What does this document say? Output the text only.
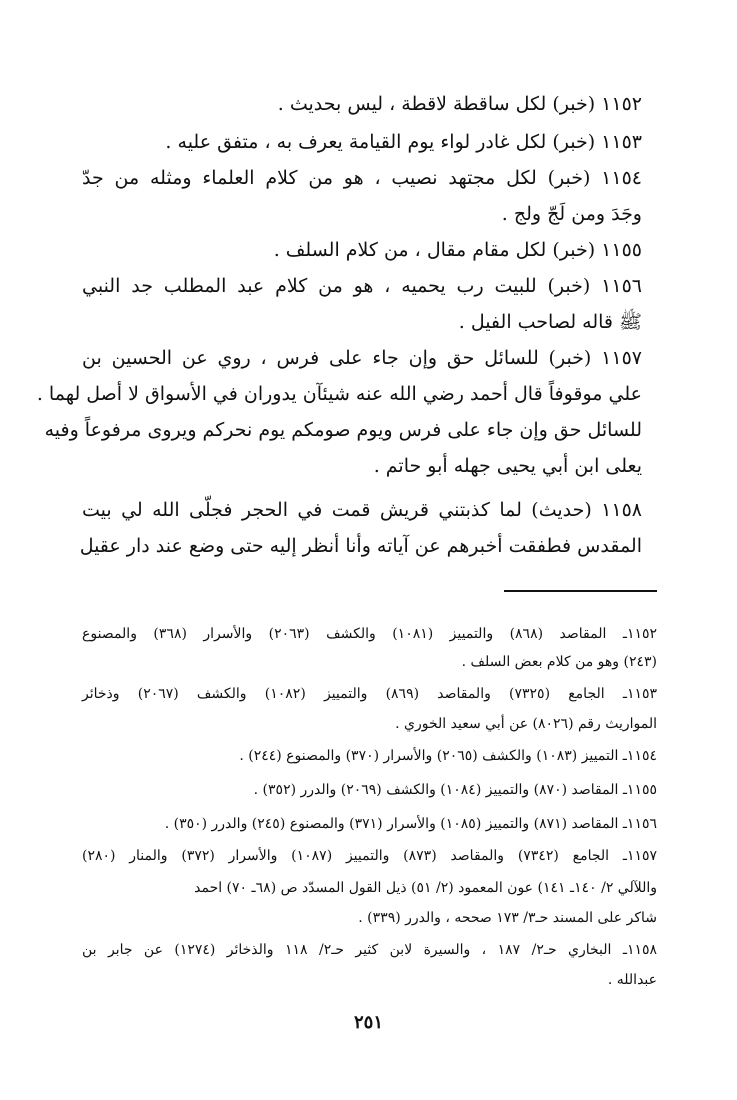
١١٥٢ (خبر) لكل ساقطة لاقطة ، ليس بحديث .
١١٥٣ (خبر) لكل غادر لواء يوم القيامة يعرف به ، متفق عليه .
١١٥٤ (خبر) لكل مجتهد نصيب ، هو من كلام العلماء ومثله من جدّ
وجَدَ ومن لَجّ ولج .
١١٥٥ (خبر) لكل مقام مقال ، من كلام السلف .
١١٥٦ (خبر) للبيت رب يحميه ، هو من كلام عبد المطلب جد النبي
ﷺ قاله لصاحب الفيل .
١١٥٧ (خبر) للسائل حق وإن جاء على فرس ، روي عن الحسين بن
علي موقوفاً قال أحمد رضي الله عنه شيئآن يدوران في الأسواق لا أصل لهما .
للسائل حق وإن جاء على فرس ويوم صومكم يوم نحركم ويروى مرفوعاً وفيه
يعلى ابن أبي يحيى جهله أبو حاتم .
١١٥٨ (حديث) لما كذبتني قريش قمت في الحجر فجلّى الله لي بيت
المقدس فطفقت أخبرهم عن آياته وأنا أنظر إليه حتى وضع عند دار عقيل
١١٥٢ـ المقاصد (٨٦٨) والتمييز (١٠٨١) والكشف (٢٠٦٣) والأسرار (٣٦٨) والمصنوع
(٢٤٣) وهو من كلام بعض السلف .
١١٥٣ـ الجامع (٧٣٢٥) والمقاصد (٨٦٩) والتمييز (١٠٨٢) والكشف (٢٠٦٧) وذخائر
المواريث رقم (٨٠٢٦) عن أبي سعيد الخوري .
١١٥٤ـ التمييز (١٠٨٣) والكشف (٢٠٦٥) والأسرار (٣٧٠) والمصنوع (٢٤٤) .
١١٥٥ـ المقاصد (٨٧٠) والتمييز (١٠٨٤) والكشف (٢٠٦٩) والدرر (٣٥٢) .
١١٥٦ـ المقاصد (٨٧١) والتمييز (١٠٨٥) والأسرار (٣٧١) والمصنوع (٢٤٥) والدرر (٣٥٠) .
١١٥٧ـ الجامع (٧٣٤٢) والمقاصد (٨٧٣) والتمييز (١٠٨٧) والأسرار (٣٧٢) والمنار (٢٨٠)
واللآلي ٢/ ١٤٠ـ ١٤١) عون المعمود (٢/ ٥١) ذيل القول المسدّد ص (٦٨ـ ٧٠) احمد
شاكر على المسند حـ٣/ ١٧٣ صححه ، والدرر (٣٣٩) .
١١٥٨ـ البخاري حـ٢/ ١٨٧ ، والسيرة لابن كثير حـ٢/ ١١٨ والذخائر (١٢٧٤) عن جابر بن
عبدالله .
٢٥١
